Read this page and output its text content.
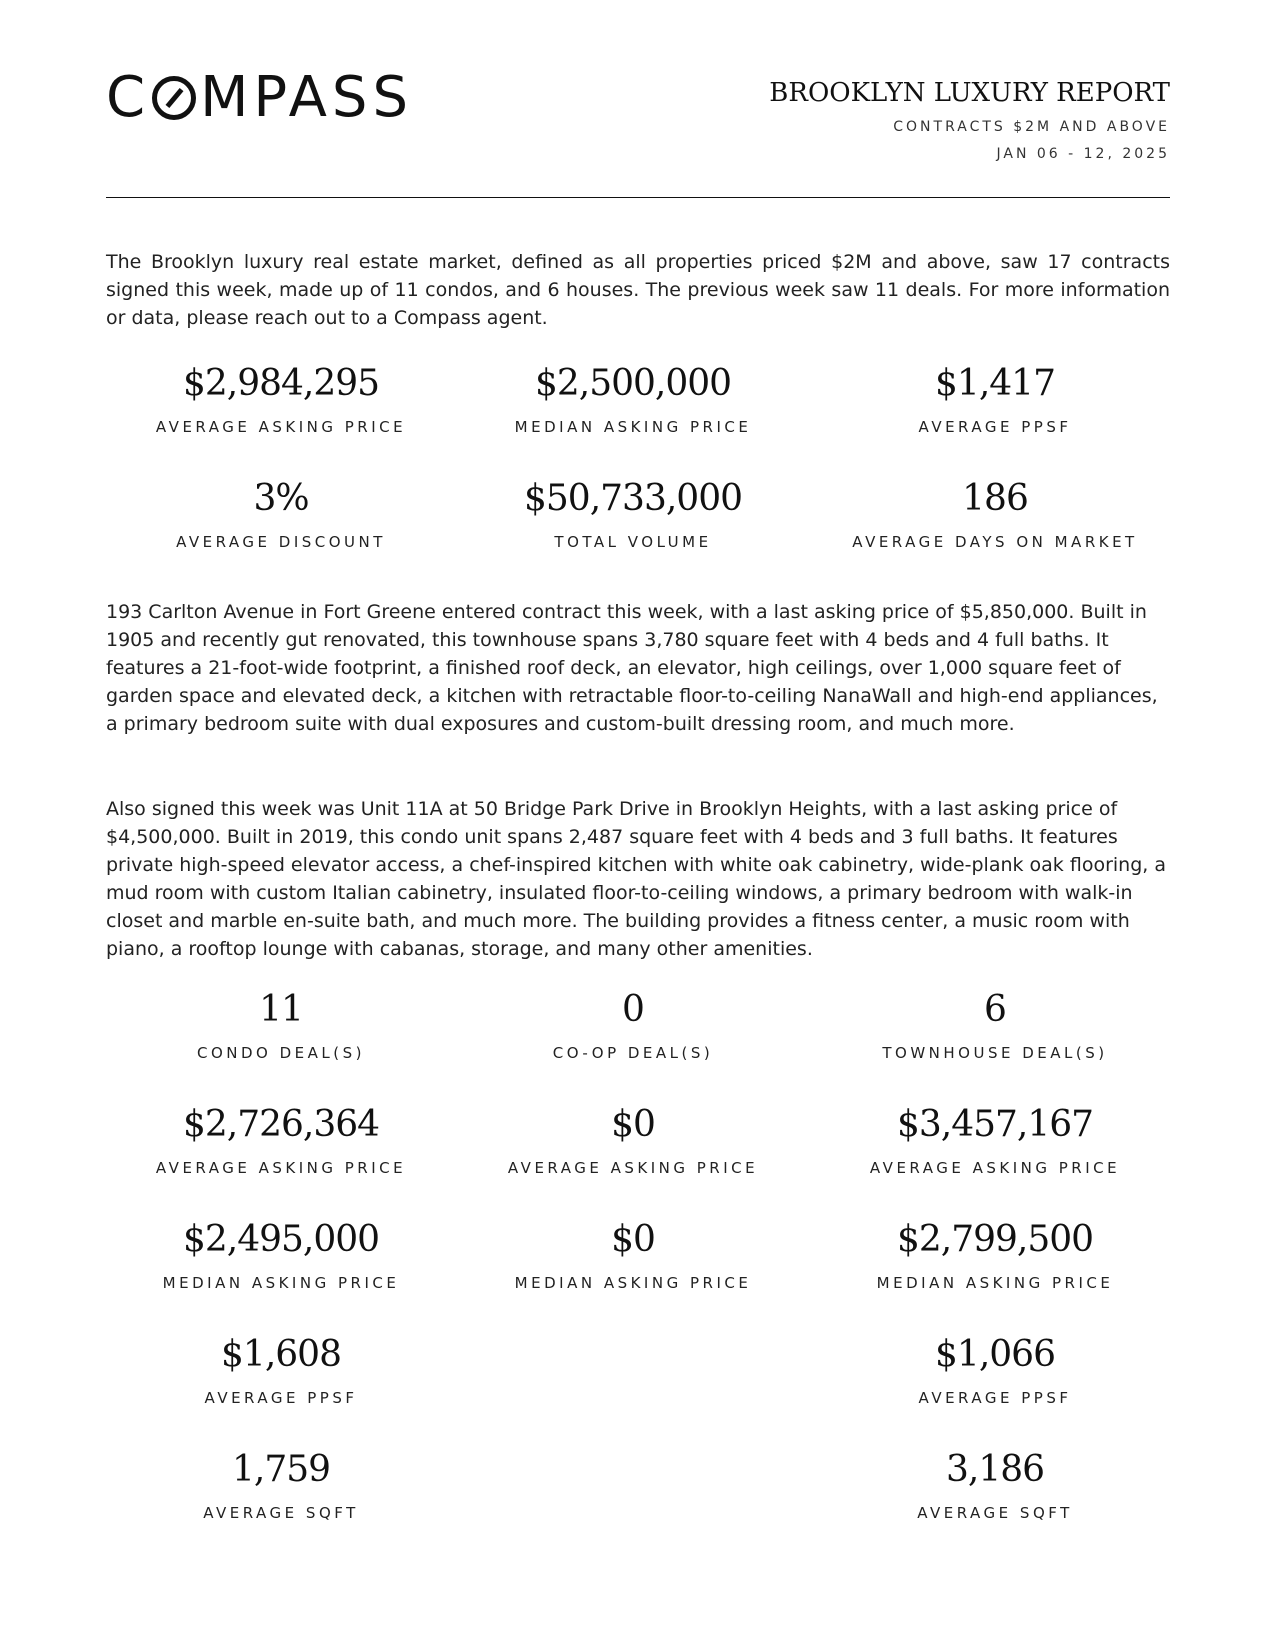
C MPASS	BROOKLYN LUXURY REPORT
CONTRACTS $2M AND ABOVE
JAN 06 - 12, 2025

The Brooklyn luxury real estate market, defined as all properties priced $2M and above, saw 17 contracts signed this week, made up of 11 condos, and 6 houses. The previous week saw 11 deals. For more information or data, please reach out to a Compass agent.

$2,984,295
AVERAGE ASKING PRICE
$2,500,000
MEDIAN ASKING PRICE
$1,417
AVERAGE PPSF
3%
AVERAGE DISCOUNT
$50,733,000
TOTAL VOLUME
186
AVERAGE DAYS ON MARKET

193 Carlton Avenue in Fort Greene entered contract this week, with a last asking price of $5,850,000. Built in 1905 and recently gut renovated, this townhouse spans 3,780 square feet with 4 beds and 4 full baths. It features a 21-foot-wide footprint, a finished roof deck, an elevator, high ceilings, over 1,000 square feet of garden space and elevated deck, a kitchen with retractable floor-to-ceiling NanaWall and high-end appliances, a primary bedroom suite with dual exposures and custom-built dressing room, and much more.

Also signed this week was Unit 11A at 50 Bridge Park Drive in Brooklyn Heights, with a last asking price of $4,500,000. Built in 2019, this condo unit spans 2,487 square feet with 4 beds and 3 full baths. It features private high-speed elevator access, a chef-inspired kitchen with white oak cabinetry, wide-plank oak flooring, a mud room with custom Italian cabinetry, insulated floor-to-ceiling windows, a primary bedroom with walk-in closet and marble en-suite bath, and much more. The building provides a fitness center, a music room with piano, a rooftop lounge with cabanas, storage, and many other amenities.

11
CONDO DEAL(S)
0
CO-OP DEAL(S)
6
TOWNHOUSE DEAL(S)
$2,726,364
AVERAGE ASKING PRICE
$0
AVERAGE ASKING PRICE
$3,457,167
AVERAGE ASKING PRICE
$2,495,000
MEDIAN ASKING PRICE
$0
MEDIAN ASKING PRICE
$2,799,500
MEDIAN ASKING PRICE
$1,608
AVERAGE PPSF
$1,066
AVERAGE PPSF
1,759
AVERAGE SQFT
3,186
AVERAGE SQFT
